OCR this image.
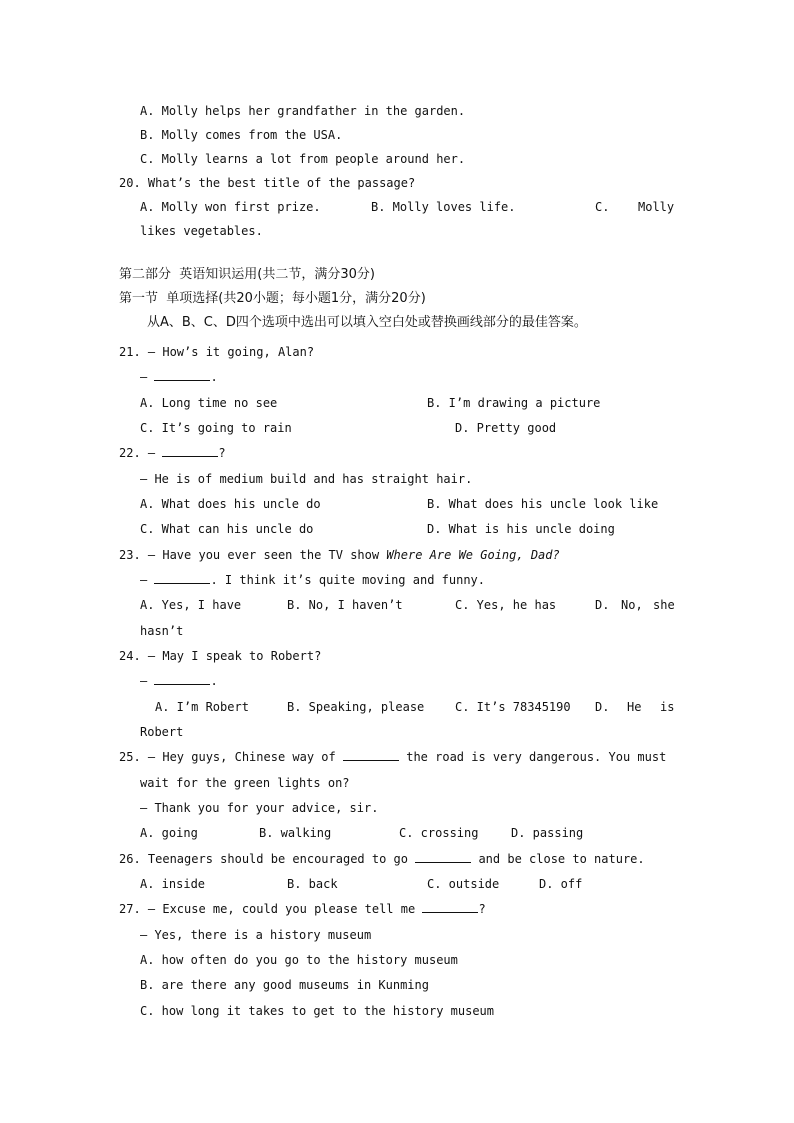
A. Molly helps her grandfather in the garden.
B. Molly comes from the USA.
C. Molly learns a lot from people around her.
20. What’s the best title of the passage?
A. Molly won first prize.	B. Molly loves life.	C. Molly
likes vegetables.
第二部分  英语知识运用(共二节，满分30分)
第一节  单项选择(共20小题；每小题1分，满分20分)
从A、B、C、D四个选项中选出可以填入空白处或替换画线部分的最佳答案。
21. — How’s it going, Alan?
—	.
A. Long time no see	B. I’m drawing a picture
C. It’s going to rain	D. Pretty good
22. —	?
— He is of medium build and has straight hair.
A. What does his uncle do	B. What does his uncle look like
C. What can his uncle do	D. What is his uncle doing
23. — Have you ever seen the TV show Where Are We Going, Dad?
—	. I think it’s quite moving and funny.
A. Yes, I have	B. No, I haven’t	C. Yes, he has	D. No, she
hasn’t
24. — May I speak to Robert?
—	.
A. I’m Robert	B. Speaking, please	C. It’s 78345190 D. He is
Robert
25. — Hey guys, Chinese way of	the road is very dangerous. You must
wait for the green lights on?
— Thank you for your advice, sir.
A. going	B. walking	C. crossing	D. passing
26. Teenagers should be encouraged to go	and be close to nature.
A. inside	B. back	C. outside	D. off
27. — Excuse me, could you please tell me	?
— Yes, there is a history museum
A. how often do you go to the history museum
B. are there any good museums in Kunming
C. how long it takes to get to the history museum
